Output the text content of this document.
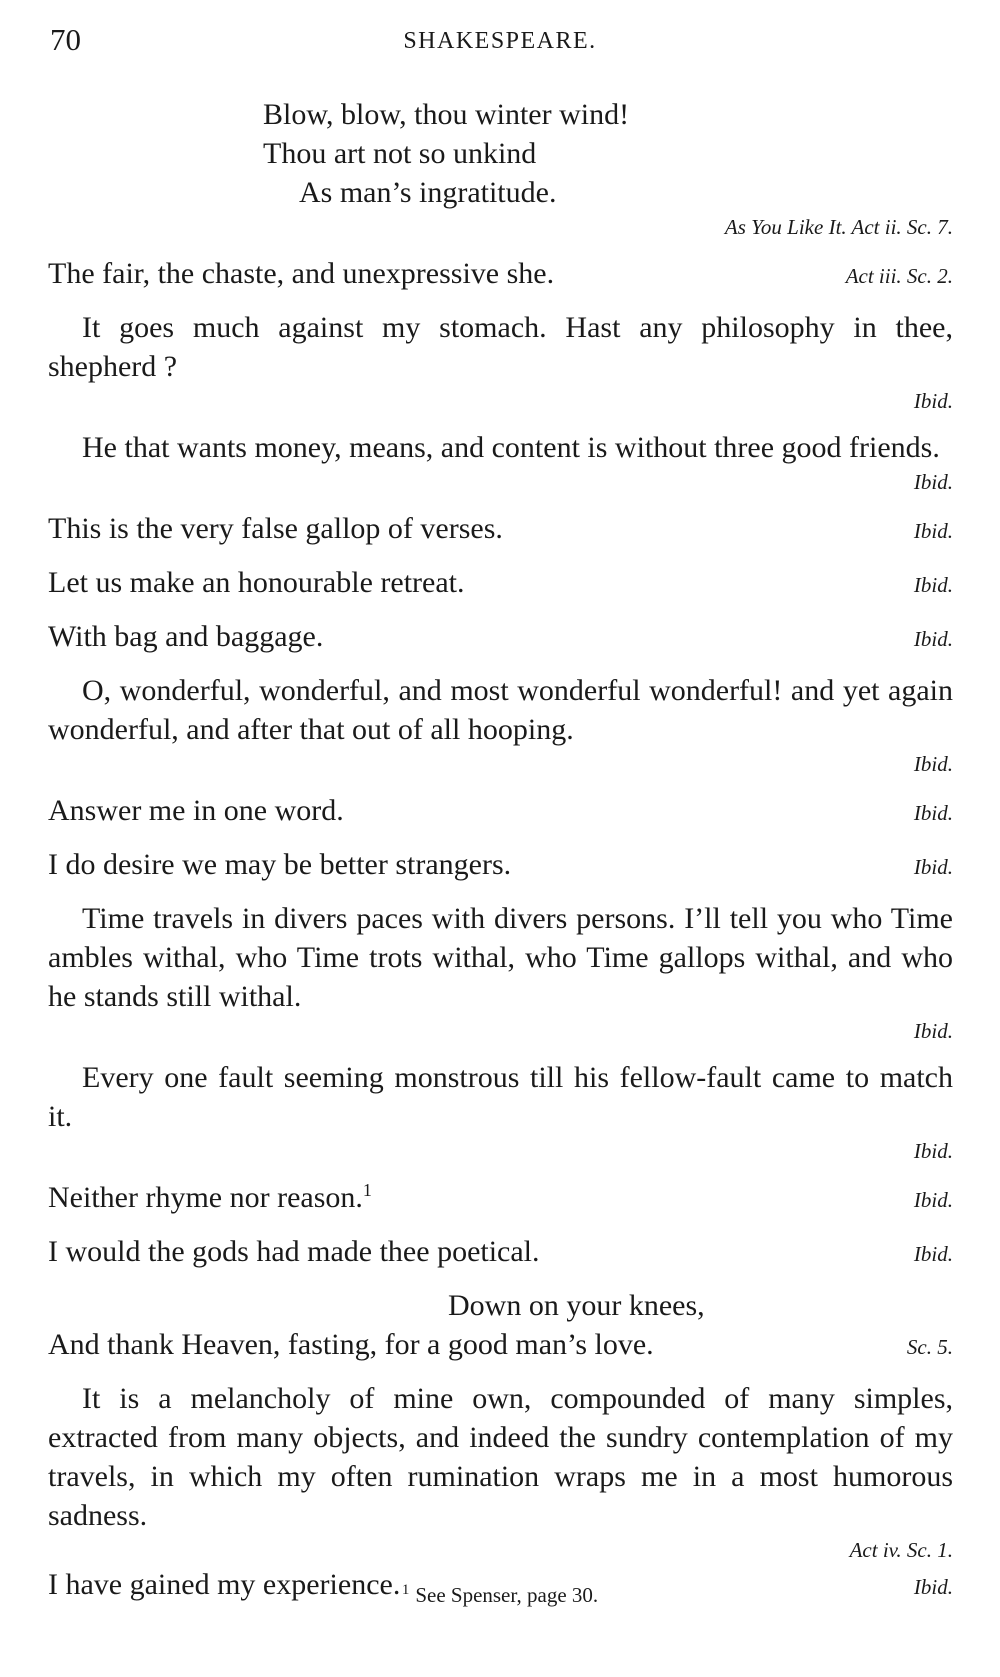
70	SHAKESPEARE.
Blow, blow, thou winter wind!
Thou art not so unkind
As man’s ingratitude.
As You Like It. Act ii. Sc. 7.
The fair, the chaste, and unexpressive she.	Act iii. Sc. 2.
It goes much against my stomach. Hast any philosophy in thee, shepherd ?
Ibid.
He that wants money, means, and content is without three good friends.
Ibid.
This is the very false gallop of verses.	Ibid.
Let us make an honourable retreat.	Ibid.
With bag and baggage.	Ibid.
O, wonderful, wonderful, and most wonderful wonderful! and yet again wonderful, and after that out of all hooping.
Ibid.
Answer me in one word.	Ibid.
I do desire we may be better strangers.	Ibid.
Time travels in divers paces with divers persons. I’ll tell you who Time ambles withal, who Time trots withal, who Time gallops withal, and who he stands still withal.
Ibid.
Every one fault seeming monstrous till his fellow-fault came to match it.
Ibid.
Neither rhyme nor reason.$^1$	Ibid.
I would the gods had made thee poetical.	Ibid.
Down on your knees,
And thank Heaven, fasting, for a good man’s love.	Sc. 5.
It is a melancholy of mine own, compounded of many simples, extracted from many objects, and indeed the sundry contemplation of my travels, in which my often rumination wraps me in a most humorous sadness.
Act iv. Sc. 1.
I have gained my experience.	Ibid.
$^1$ See Spenser, page 30.
